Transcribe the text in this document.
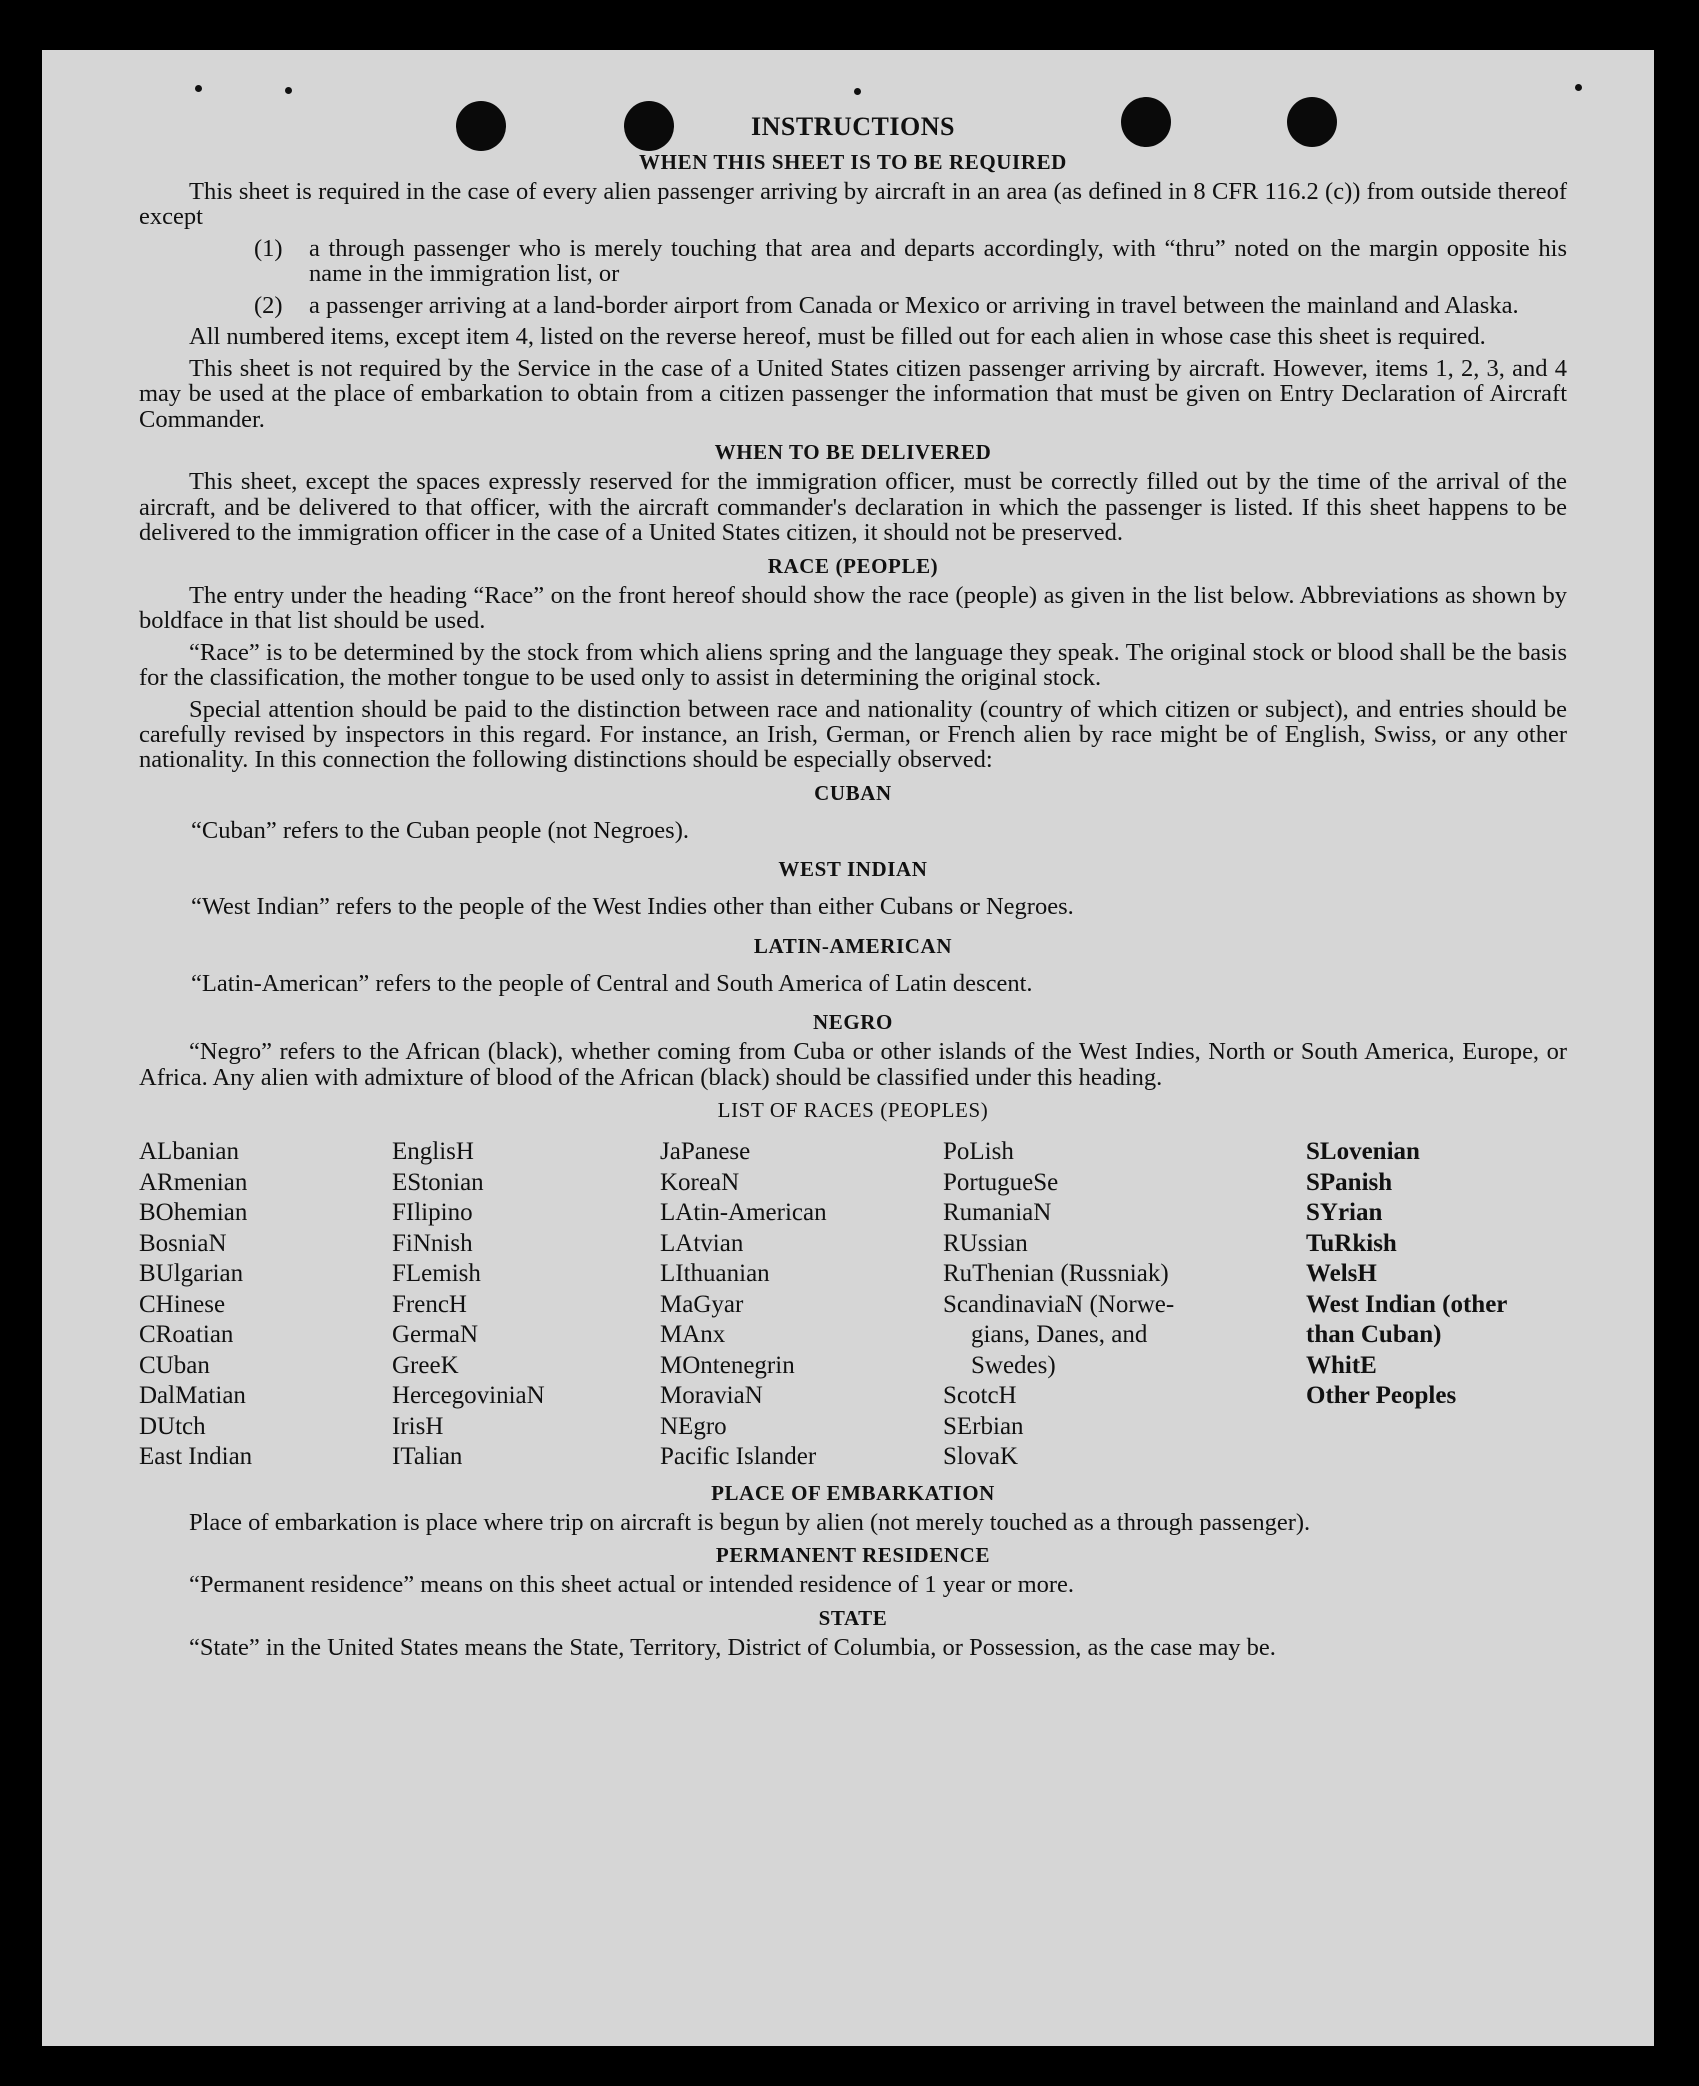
INSTRUCTIONS
WHEN THIS SHEET IS TO BE REQUIRED

This sheet is required in the case of every alien passenger arriving by aircraft in an area (as defined in 8 CFR 116.2 (c)) from outside thereof except

(1)	a through passenger who is merely touching that area and departs accordingly, with “thru” noted on the margin opposite his name in the immigration list, or
(2)	a passenger arriving at a land-border airport from Canada or Mexico or arriving in travel between the mainland and Alaska.

All numbered items, except item 4, listed on the reverse hereof, must be filled out for each alien in whose case this sheet is required.

This sheet is not required by the Service in the case of a United States citizen passenger arriving by aircraft. However, items 1, 2, 3, and 4 may be used at the place of embarkation to obtain from a citizen passenger the information that must be given on Entry Declaration of Aircraft Commander.

WHEN TO BE DELIVERED

This sheet, except the spaces expressly reserved for the immigration officer, must be correctly filled out by the time of the arrival of the aircraft, and be delivered to that officer, with the aircraft commander's declaration in which the passenger is listed. If this sheet happens to be delivered to the immigration officer in the case of a United States citizen, it should not be preserved.

RACE (PEOPLE)

The entry under the heading “Race” on the front hereof should show the race (people) as given in the list below. Abbreviations as shown by boldface in that list should be used.

“Race” is to be determined by the stock from which aliens spring and the language they speak. The original stock or blood shall be the basis for the classification, the mother tongue to be used only to assist in determining the original stock.

Special attention should be paid to the distinction between race and nationality (country of which citizen or subject), and entries should be carefully revised by inspectors in this regard. For instance, an Irish, German, or French alien by race might be of English, Swiss, or any other nationality. In this connection the following distinctions should be especially observed:

CUBAN

“Cuban” refers to the Cuban people (not Negroes).

WEST INDIAN

“West Indian” refers to the people of the West Indies other than either Cubans or Negroes.

LATIN-AMERICAN

“Latin-American” refers to the people of Central and South America of Latin descent.

NEGRO

“Negro” refers to the African (black), whether coming from Cuba or other islands of the West Indies, North or South America, Europe, or Africa. Any alien with admixture of blood of the African (black) should be classified under this heading.

LIST OF RACES (PEOPLES)
ALbanian
ARmenian
BOhemian
BosniaN
BUlgarian
CHinese
CRoatian
CUban
DalMatian
DUtch
East Indian
EnglisH
EStonian
FIlipino
FiNnish
FLemish
FrencH
GermaN
GreeK
HercegoviniaN
IrisH
ITalian
JaPanese
KoreaN
LAtin-American
LAtvian
LIthuanian
MaGyar
MAnx
MOntenegrin
MoraviaN
NEgro
Pacific Islander
PoLish
PortugueSe
RumaniaN
RUssian
RuThenian (Russniak)
ScandinaviaN (Norwe-
gians, Danes, and
Swedes)
ScotcH
SErbian
SlovaK
SLovenian
SPanish
SYrian
TuRkish
WelsH
West Indian (other
than Cuban)
WhitE
Other Peoples
PLACE OF EMBARKATION

Place of embarkation is place where trip on aircraft is begun by alien (not merely touched as a through passenger).

PERMANENT RESIDENCE

“Permanent residence” means on this sheet actual or intended residence of 1 year or more.

STATE

“State” in the United States means the State, Territory, District of Columbia, or Possession, as the case may be.
